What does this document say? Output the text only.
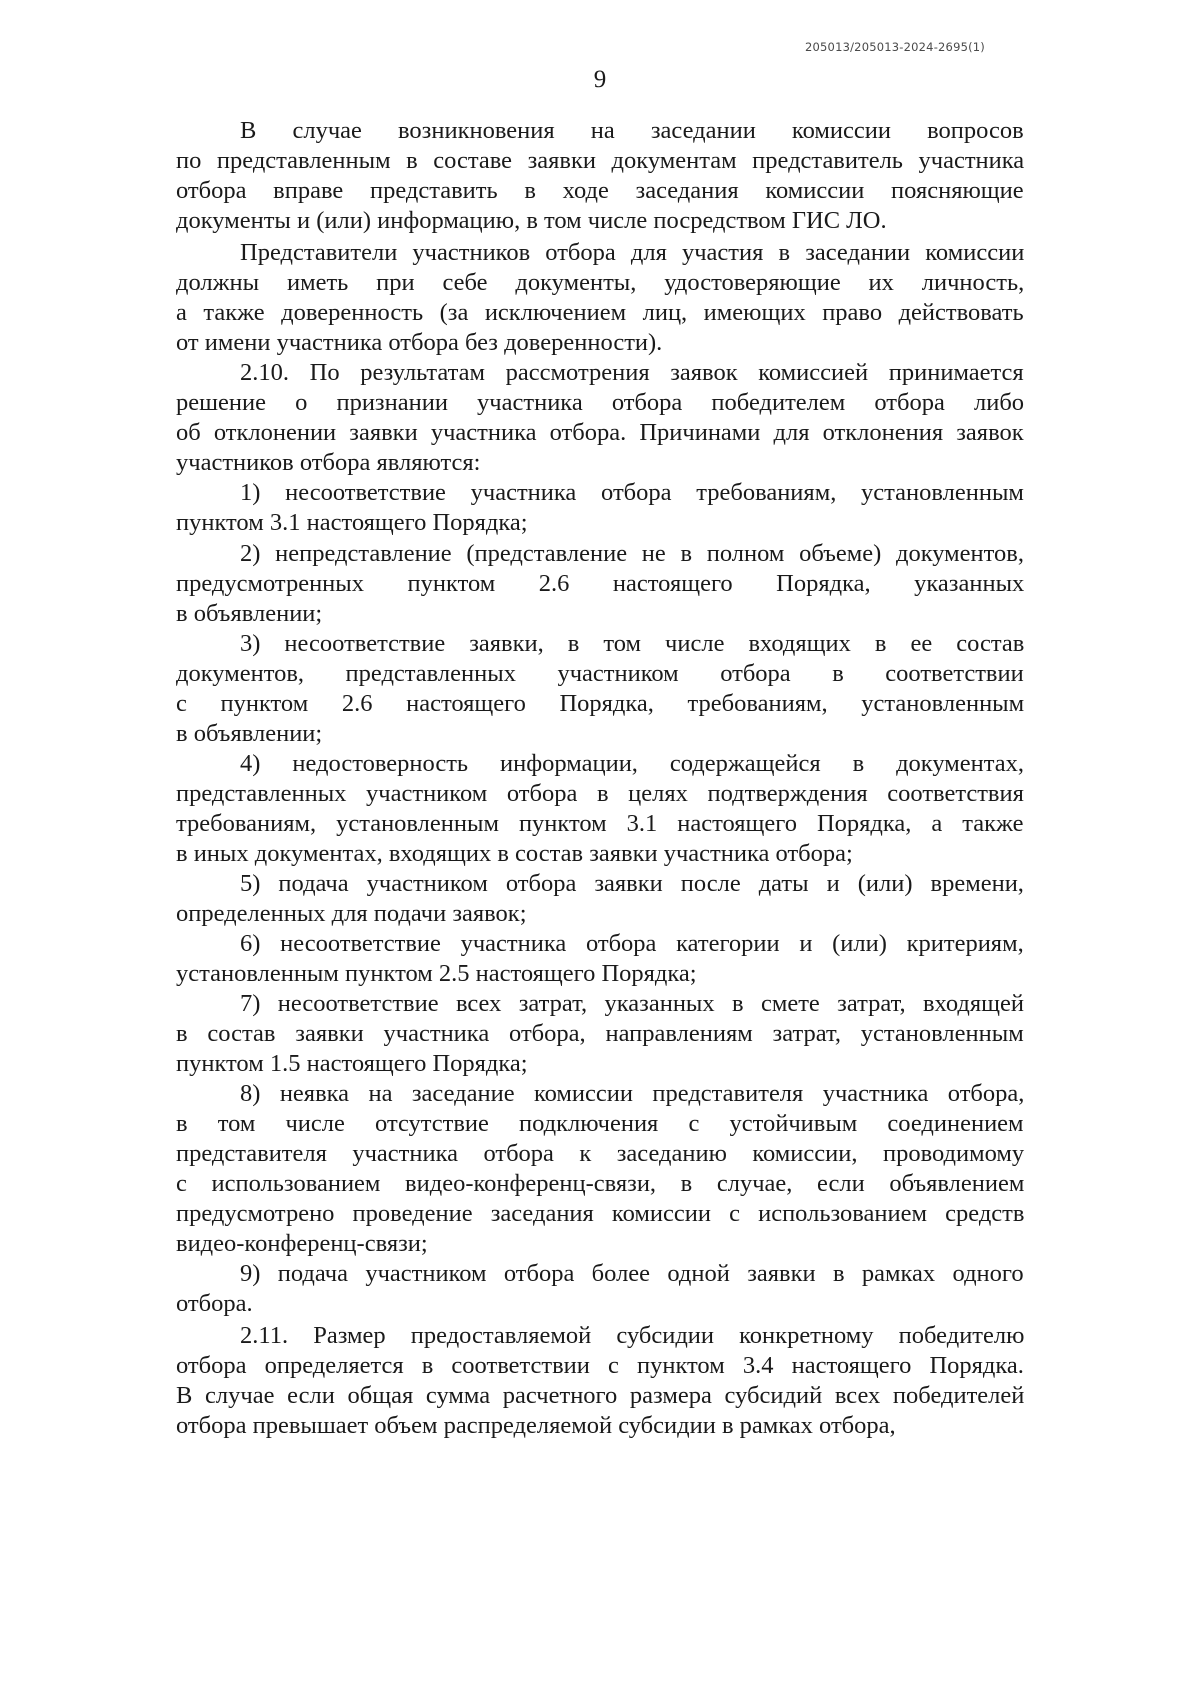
205013/205013-2024-2695(1)
9
В случае возникновения на заседании комиссии вопросов
по представленным в составе заявки документам представитель участника
отбора вправе представить в ходе заседания комиссии поясняющие
документы и (или) информацию, в том числе посредством ГИС ЛО.
Представители участников отбора для участия в заседании комиссии
должны иметь при себе документы, удостоверяющие их личность,
а также доверенность (за исключением лиц, имеющих право действовать
от имени участника отбора без доверенности).
2.10. По результатам рассмотрения заявок комиссией принимается
решение о признании участника отбора победителем отбора либо
об отклонении заявки участника отбора. Причинами для отклонения заявок
участников отбора являются:
1) несоответствие участника отбора требованиям, установленным
пунктом 3.1 настоящего Порядка;
2) непредставление (представление не в полном объеме) документов,
предусмотренных пунктом 2.6 настоящего Порядка, указанных
в объявлении;
3) несоответствие заявки, в том числе входящих в ее состав
документов, представленных участником отбора в соответствии
с пунктом 2.6 настоящего Порядка, требованиям, установленным
в объявлении;
4) недостоверность информации, содержащейся в документах,
представленных участником отбора в целях подтверждения соответствия
требованиям, установленным пунктом 3.1 настоящего Порядка, а также
в иных документах, входящих в состав заявки участника отбора;
5) подача участником отбора заявки после даты и (или) времени,
определенных для подачи заявок;
6) несоответствие участника отбора категории и (или) критериям,
установленным пунктом 2.5 настоящего Порядка;
7) несоответствие всех затрат, указанных в смете затрат, входящей
в состав заявки участника отбора, направлениям затрат, установленным
пунктом 1.5 настоящего Порядка;
8) неявка на заседание комиссии представителя участника отбора,
в том числе отсутствие подключения с устойчивым соединением
представителя участника отбора к заседанию комиссии, проводимому
с использованием видео-конференц-связи, в случае, если объявлением
предусмотрено проведение заседания комиссии с использованием средств
видео-конференц-связи;
9) подача участником отбора более одной заявки в рамках одного
отбора.
2.11. Размер предоставляемой субсидии конкретному победителю
отбора определяется в соответствии с пунктом 3.4 настоящего Порядка.
В случае если общая сумма расчетного размера субсидий всех победителей
отбора превышает объем распределяемой субсидии в рамках отбора,
